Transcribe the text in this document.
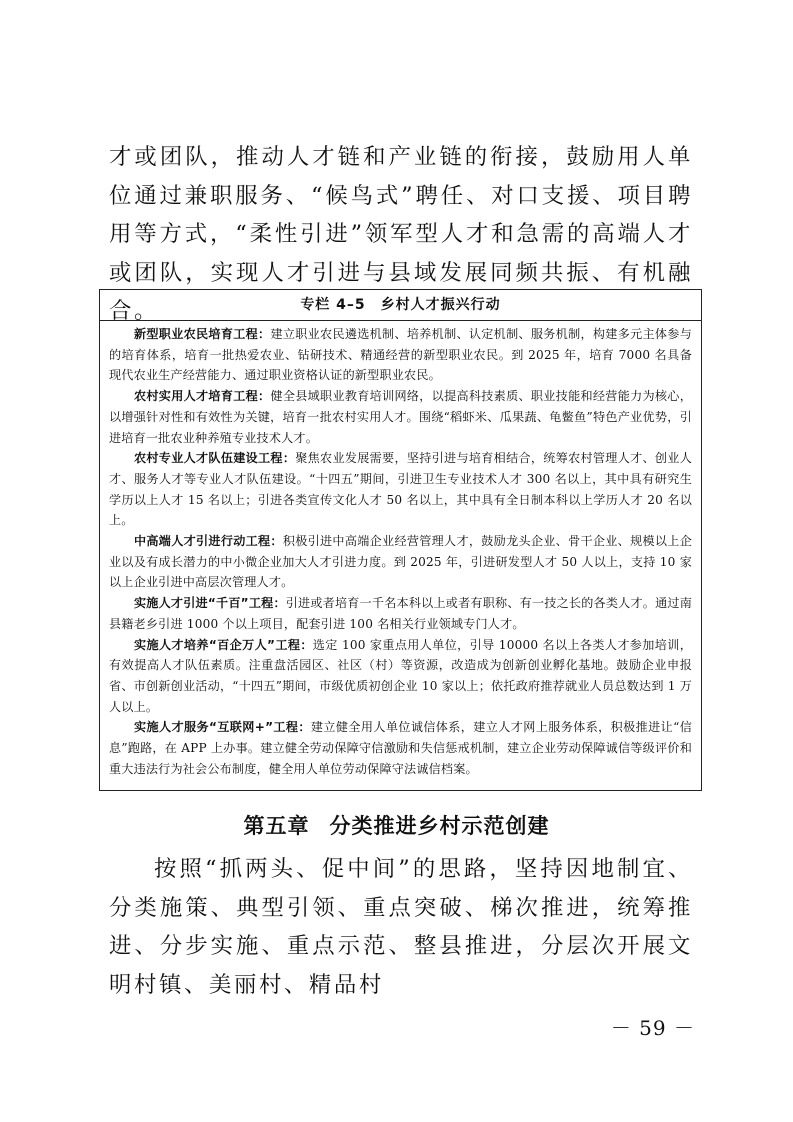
才或团队，推动人才链和产业链的衔接，鼓励用人单位通过兼职服务、“候鸟式”聘任、对口支援、项目聘用等方式，“柔性引进”领军型人才和急需的高端人才或团队，实现人才引进与县域发展同频共振、有机融合。	专栏 4–5　乡村人才振兴行动

新型职业农民培育工程：建立职业农民遴选机制、培养机制、认定机制、服务机制，构建多元主体参与的培育体系，培育一批热爱农业、钻研技术、精通经营的新型职业农民。到 2025 年，培育 7000 名具备现代农业生产经营能力、通过职业资格认证的新型职业农民。

农村实用人才培育工程：健全县域职业教育培训网络，以提高科技素质、职业技能和经营能力为核心，以增强针对性和有效性为关键，培育一批农村实用人才。围绕“稻虾米、瓜果蔬、龟鳖鱼”特色产业优势，引进培育一批农业种养殖专业技术人才。

农村专业人才队伍建设工程：聚焦农业发展需要，坚持引进与培育相结合，统筹农村管理人才、创业人才、服务人才等专业人才队伍建设。“十四五”期间，引进卫生专业技术人才 300 名以上，其中具有研究生学历以上人才 15 名以上；引进各类宣传文化人才 50 名以上，其中具有全日制本科以上学历人才 20 名以上。

中高端人才引进行动工程：积极引进中高端企业经营管理人才，鼓励龙头企业、骨干企业、规模以上企业以及有成长潜力的中小微企业加大人才引进力度。到 2025 年，引进研发型人才 50 人以上，支持 10 家以上企业引进中高层次管理人才。

实施人才引进“千百”工程：引进或者培育一千名本科以上或者有职称、有一技之长的各类人才。通过南县籍老乡引进 1000 个以上项目，配套引进 100 名相关行业领域专门人才。

实施人才培养“百企万人”工程：选定 100 家重点用人单位，引导 10000 名以上各类人才参加培训，有效提高人才队伍素质。注重盘活园区、社区（村）等资源，改造成为创新创业孵化基地。鼓励企业申报省、市创新创业活动，“十四五”期间，市级优质初创企业 10 家以上；依托政府推荐就业人员总数达到 1 万人以上。

实施人才服务“互联网+”工程：建立健全用人单位诚信体系，建立人才网上服务体系，积极推进让“信息”跑路，在 APP 上办事。建立健全劳动保障守信激励和失信惩戒机制，建立企业劳动保障诚信等级评价和重大违法行为社会公布制度，健全用人单位劳动保障守法诚信档案。

第五章 分类推进乡村示范创建

按照“抓两头、促中间”的思路，坚持因地制宜、分类施策、典型引领、重点突破、梯次推进，统筹推进、分步实施、重点示范、整县推进，分层次开展文明村镇、美丽村、精品村

－ 59 －
